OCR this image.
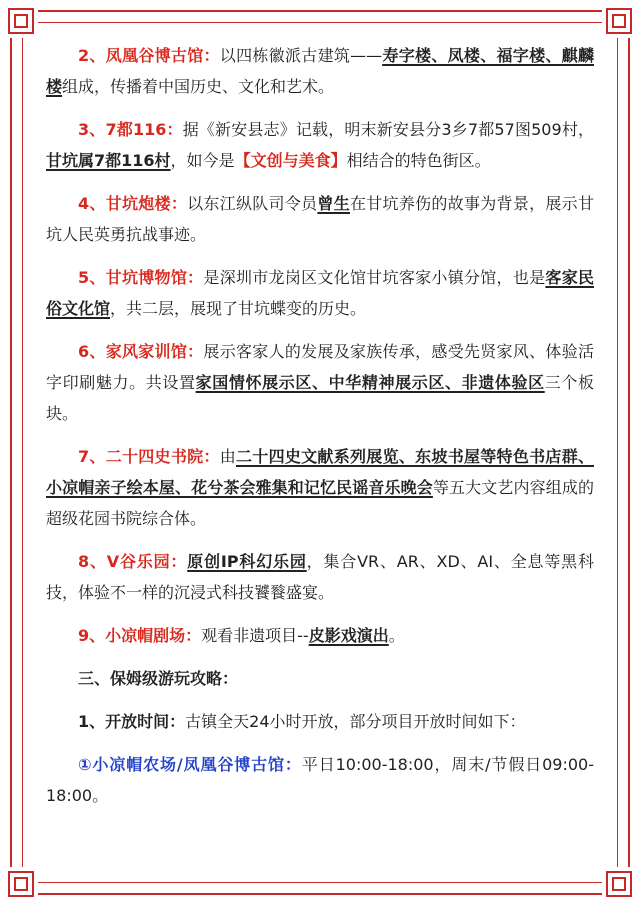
2、凤凰谷博古馆：以四栋徽派古建筑——寿字楼、凤楼、福字楼、麒麟楼组成，传播着中国历史、文化和艺术。

3、7都116：据《新安县志》记载，明末新安县分3乡7都57图509村，甘坑属7都116村，如今是【文创与美食】相结合的特色街区。

4、甘坑炮楼：以东江纵队司令员曾生在甘坑养伤的故事为背景，展示甘坑人民英勇抗战事迹。

5、甘坑博物馆：是深圳市龙岗区文化馆甘坑客家小镇分馆，也是客家民俗文化馆，共二层，展现了甘坑蝶变的历史。

6、家风家训馆：展示客家人的发展及家族传承，感受先贤家风、体验活字印刷魅力。共设置家国情怀展示区、中华精神展示区、非遗体验区三个板块。

7、二十四史书院：由二十四史文献系列展览、东坡书屋等特色书店群、小凉帽亲子绘本屋、花兮茶会雅集和记忆民谣音乐晚会等五大文艺内容组成的超级花园书院综合体。

8、V谷乐园：原创IP科幻乐园，集合VR、AR、XD、AI、全息等黑科技，体验不一样的沉浸式科技饕餮盛宴。

9、小凉帽剧场：观看非遗项目--皮影戏演出。

三、保姆级游玩攻略：

1、开放时间：古镇全天24小时开放，部分项目开放时间如下：

①小凉帽农场/凤凰谷博古馆：平日10:00-18:00，周末/节假日09:00-18:00。
